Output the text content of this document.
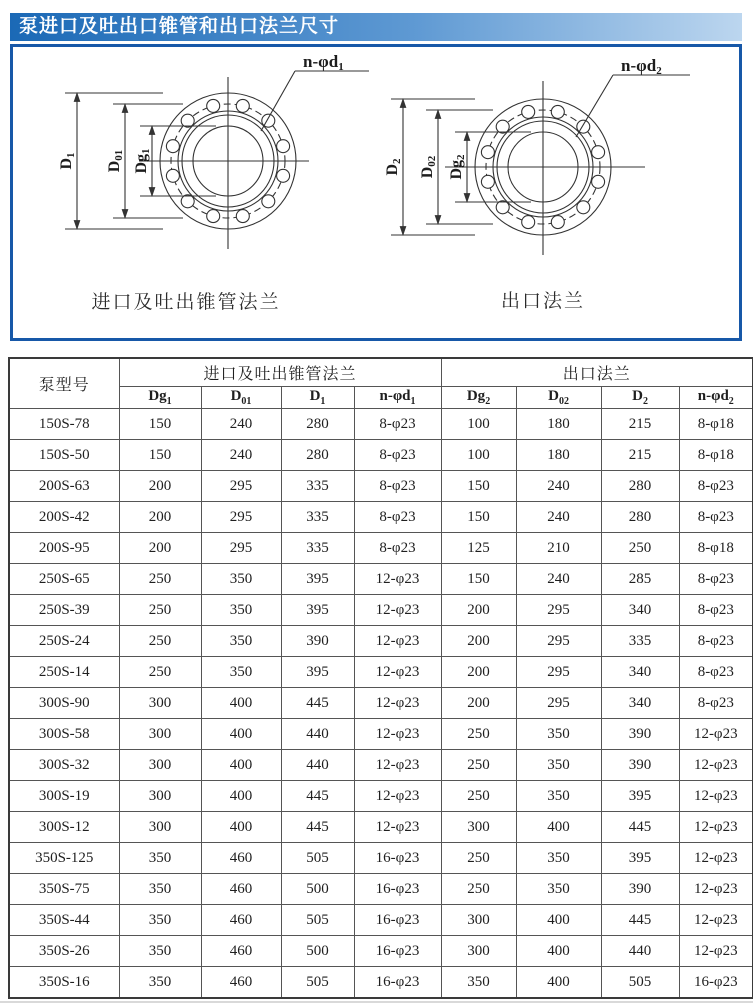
泵进口及吐出口锥管和出口法兰尺寸
D1
D01 Dg1
n-φd1
D2
D02 Dg2
n-φd2
进口及吐出锥管法兰	出口法兰
泵型号	进口及吐出锥管法兰				出口法兰			
	$Dg_1$	$D_{01}$	$D_1$	$n-\varphi d_1$	$Dg_2$	$D_{02}$	$D_2$	$n-\varphi d_2$
150S-78	150	240	280	8-φ23	100	180	215	8-φ18
150S-50	150	240	280	8-φ23	100	180	215	8-φ18
200S-63	200	295	335	8-φ23	150	240	280	8-φ23
200S-42	200	295	335	8-φ23	150	240	280	8-φ23
200S-95	200	295	335	8-φ23	125	210	250	8-φ18
250S-65	250	350	395	12-φ23	150	240	285	8-φ23
250S-39	250	350	395	12-φ23	200	295	340	8-φ23
250S-24	250	350	390	12-φ23	200	295	335	8-φ23
250S-14	250	350	395	12-φ23	200	295	340	8-φ23
300S-90	300	400	445	12-φ23	200	295	340	8-φ23
300S-58	300	400	440	12-φ23	250	350	390	12-φ23
300S-32	300	400	440	12-φ23	250	350	390	12-φ23
300S-19	300	400	445	12-φ23	250	350	395	12-φ23
300S-12	300	400	445	12-φ23	300	400	445	12-φ23
350S-125	350	460	505	16-φ23	250	350	395	12-φ23
350S-75	350	460	500	16-φ23	250	350	390	12-φ23
350S-44	350	460	505	16-φ23	300	400	445	12-φ23
350S-26	350	460	500	16-φ23	300	400	440	12-φ23
350S-16	350	460	505	16-φ23	350	400	505	16-φ23
